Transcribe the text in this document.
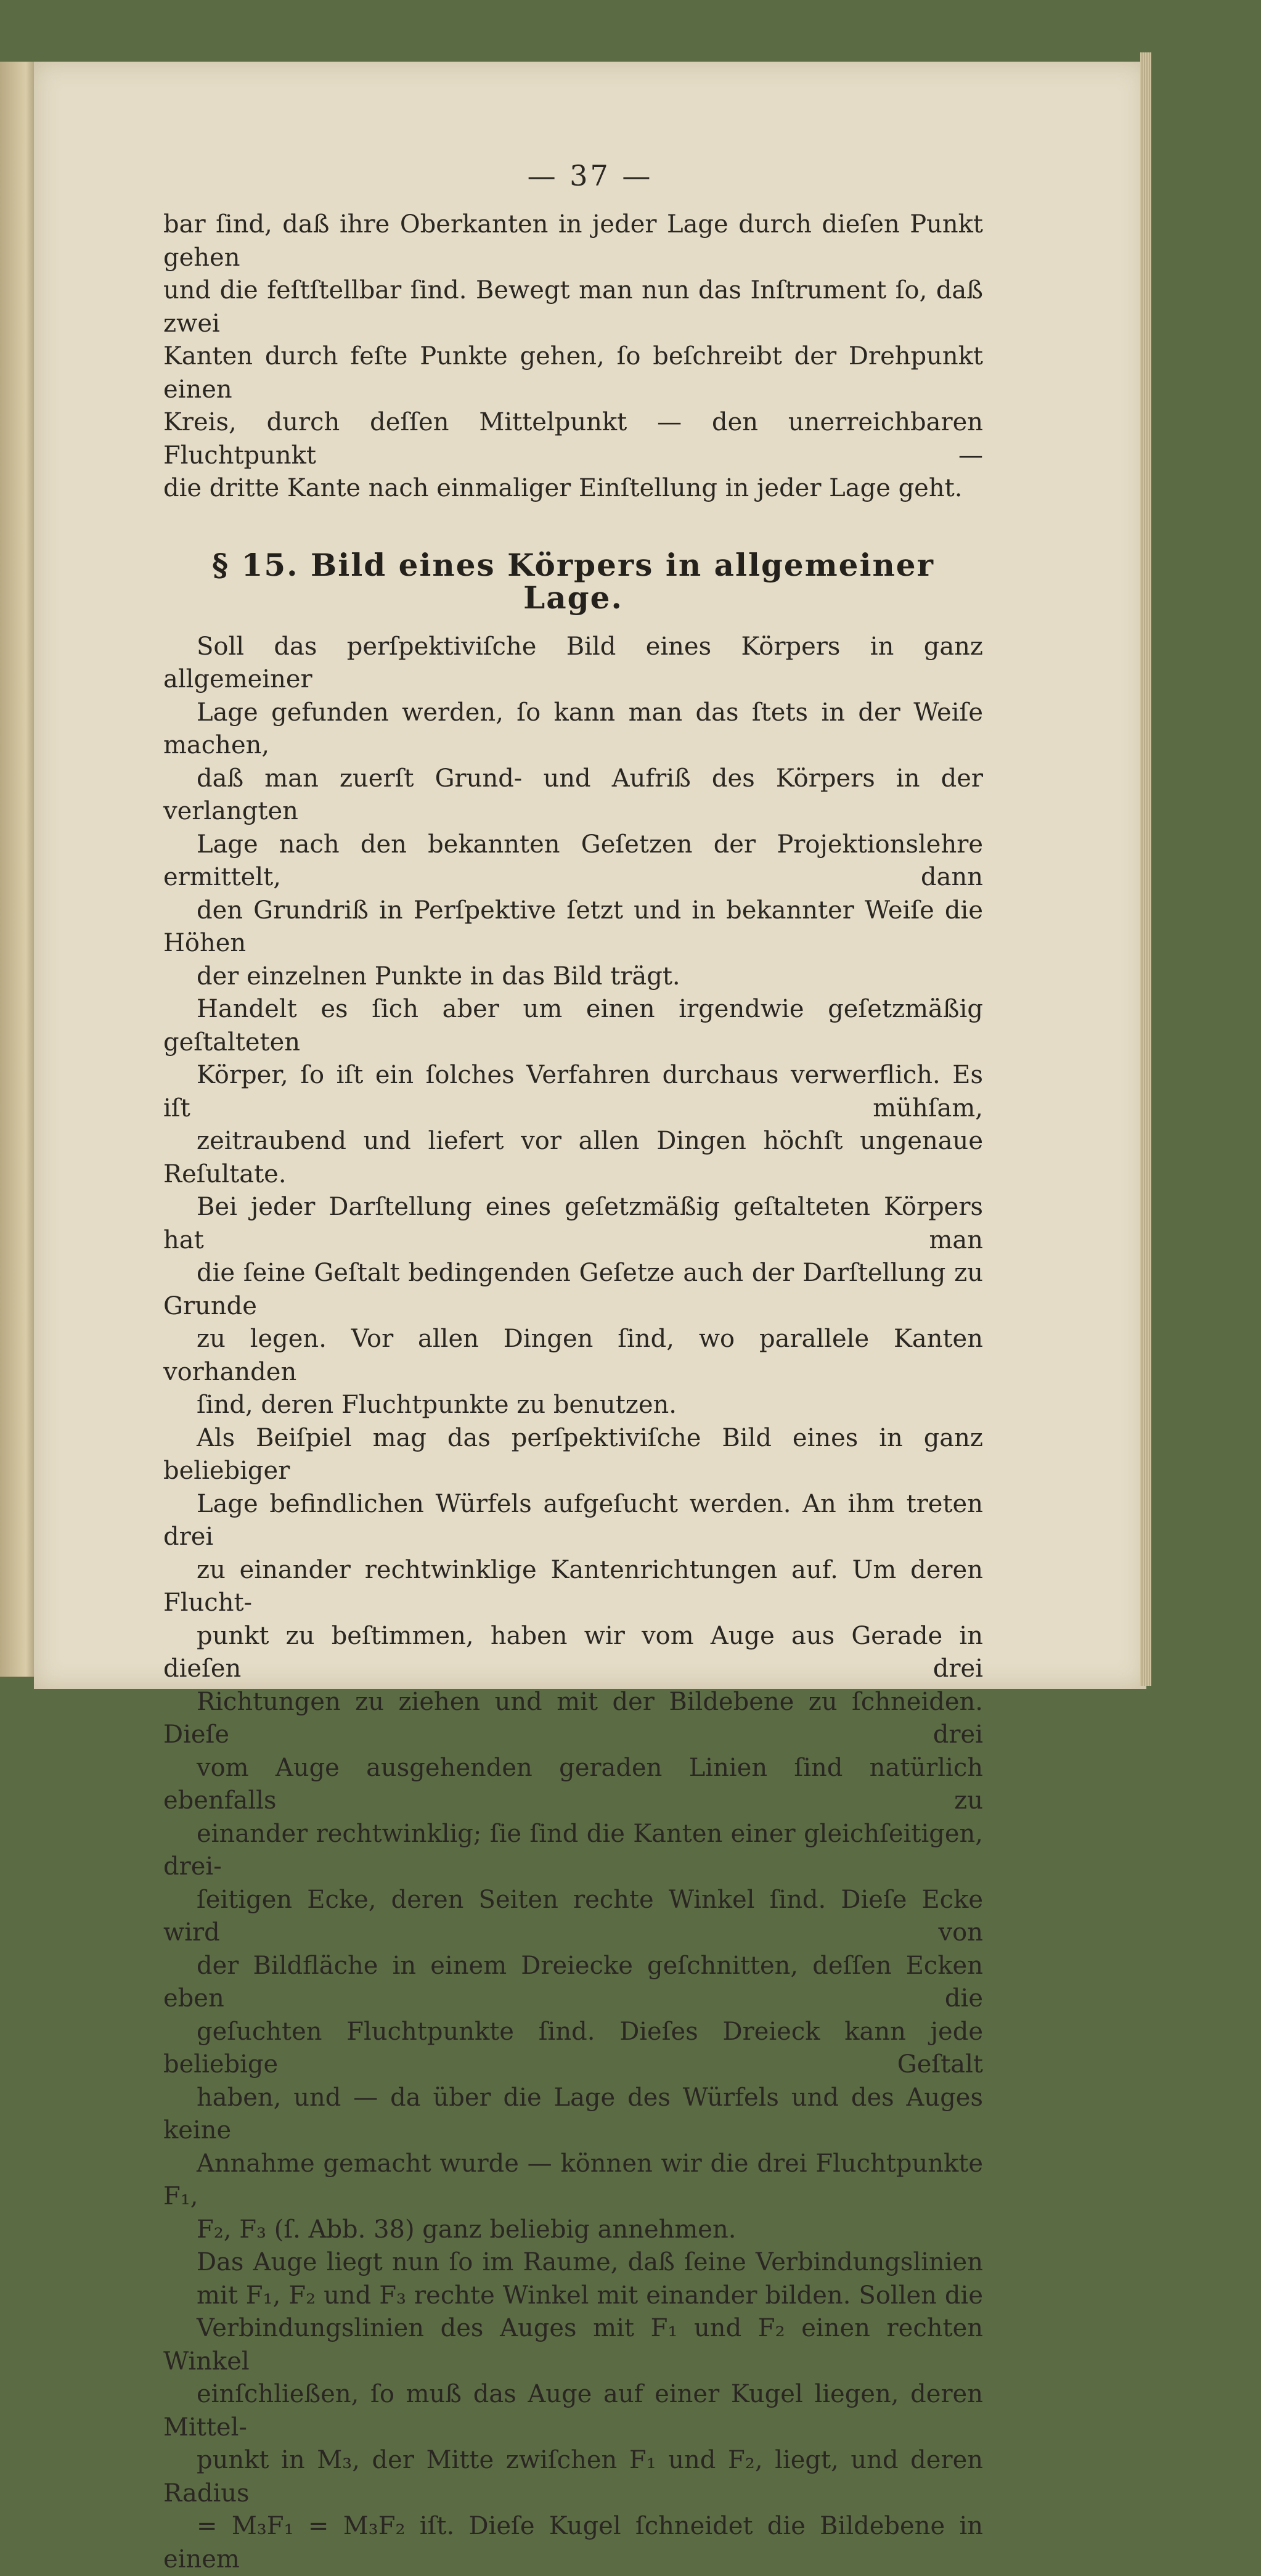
— 37 —

bar ſind, daß ihre Oberkanten in jeder Lage durch dieſen Punkt gehen
und die feſtſtellbar ſind. Bewegt man nun das Inſtrument ſo, daß zwei
Kanten durch feſte Punkte gehen, ſo beſchreibt der Drehpunkt einen
Kreis, durch deſſen Mittelpunkt — den unerreichbaren Fluchtpunkt —
die dritte Kante nach einmaliger Einſtellung in jeder Lage geht.

§ 15. Bild eines Körpers in allgemeiner Lage.

Soll das perſpektiviſche Bild eines Körpers in ganz allgemeiner
Lage gefunden werden, ſo kann man das ſtets in der Weiſe machen,
daß man zuerſt Grund- und Aufriß des Körpers in der verlangten
Lage nach den bekannten Geſetzen der Projektionslehre ermittelt, dann
den Grundriß in Perſpektive ſetzt und in bekannter Weiſe die Höhen
der einzelnen Punkte in das Bild trägt.

Handelt es ſich aber um einen irgendwie geſetzmäßig geſtalteten
Körper, ſo iſt ein ſolches Verfahren durchaus verwerflich. Es iſt mühſam,
zeitraubend und liefert vor allen Dingen höchſt ungenaue Reſultate.
Bei jeder Darſtellung eines geſetzmäßig geſtalteten Körpers hat man
die ſeine Geſtalt bedingenden Geſetze auch der Darſtellung zu Grunde
zu legen. Vor allen Dingen ſind, wo parallele Kanten vorhanden
ſind, deren Fluchtpunkte zu benutzen.

Als Beiſpiel mag das perſpektiviſche Bild eines in ganz beliebiger
Lage befindlichen Würfels aufgeſucht werden. An ihm treten drei
zu einander rechtwinklige Kantenrichtungen auf. Um deren Flucht-
punkt zu beſtimmen, haben wir vom Auge aus Gerade in dieſen drei
Richtungen zu ziehen und mit der Bildebene zu ſchneiden. Dieſe drei
vom Auge ausgehenden geraden Linien ſind natürlich ebenfalls zu
einander rechtwinklig; ſie ſind die Kanten einer gleichſeitigen, drei-
ſeitigen Ecke, deren Seiten rechte Winkel ſind. Dieſe Ecke wird von
der Bildfläche in einem Dreiecke geſchnitten, deſſen Ecken eben die
geſuchten Fluchtpunkte ſind. Dieſes Dreieck kann jede beliebige Geſtalt
haben, und — da über die Lage des Würfels und des Auges keine
Annahme gemacht wurde — können wir die drei Fluchtpunkte F₁,
F₂, F₃ (ſ. Abb. 38) ganz beliebig annehmen.

Das Auge liegt nun ſo im Raume, daß ſeine Verbindungslinien
mit F₁, F₂ und F₃ rechte Winkel mit einander bilden. Sollen die
Verbindungslinien des Auges mit F₁ und F₂ einen rechten Winkel
einſchließen, ſo muß das Auge auf einer Kugel liegen, deren Mittel-
punkt in M₃, der Mitte zwiſchen F₁ und F₂, liegt, und deren Radius
= M₃F₁ = M₃F₂ iſt. Dieſe Kugel ſchneidet die Bildebene in einem
